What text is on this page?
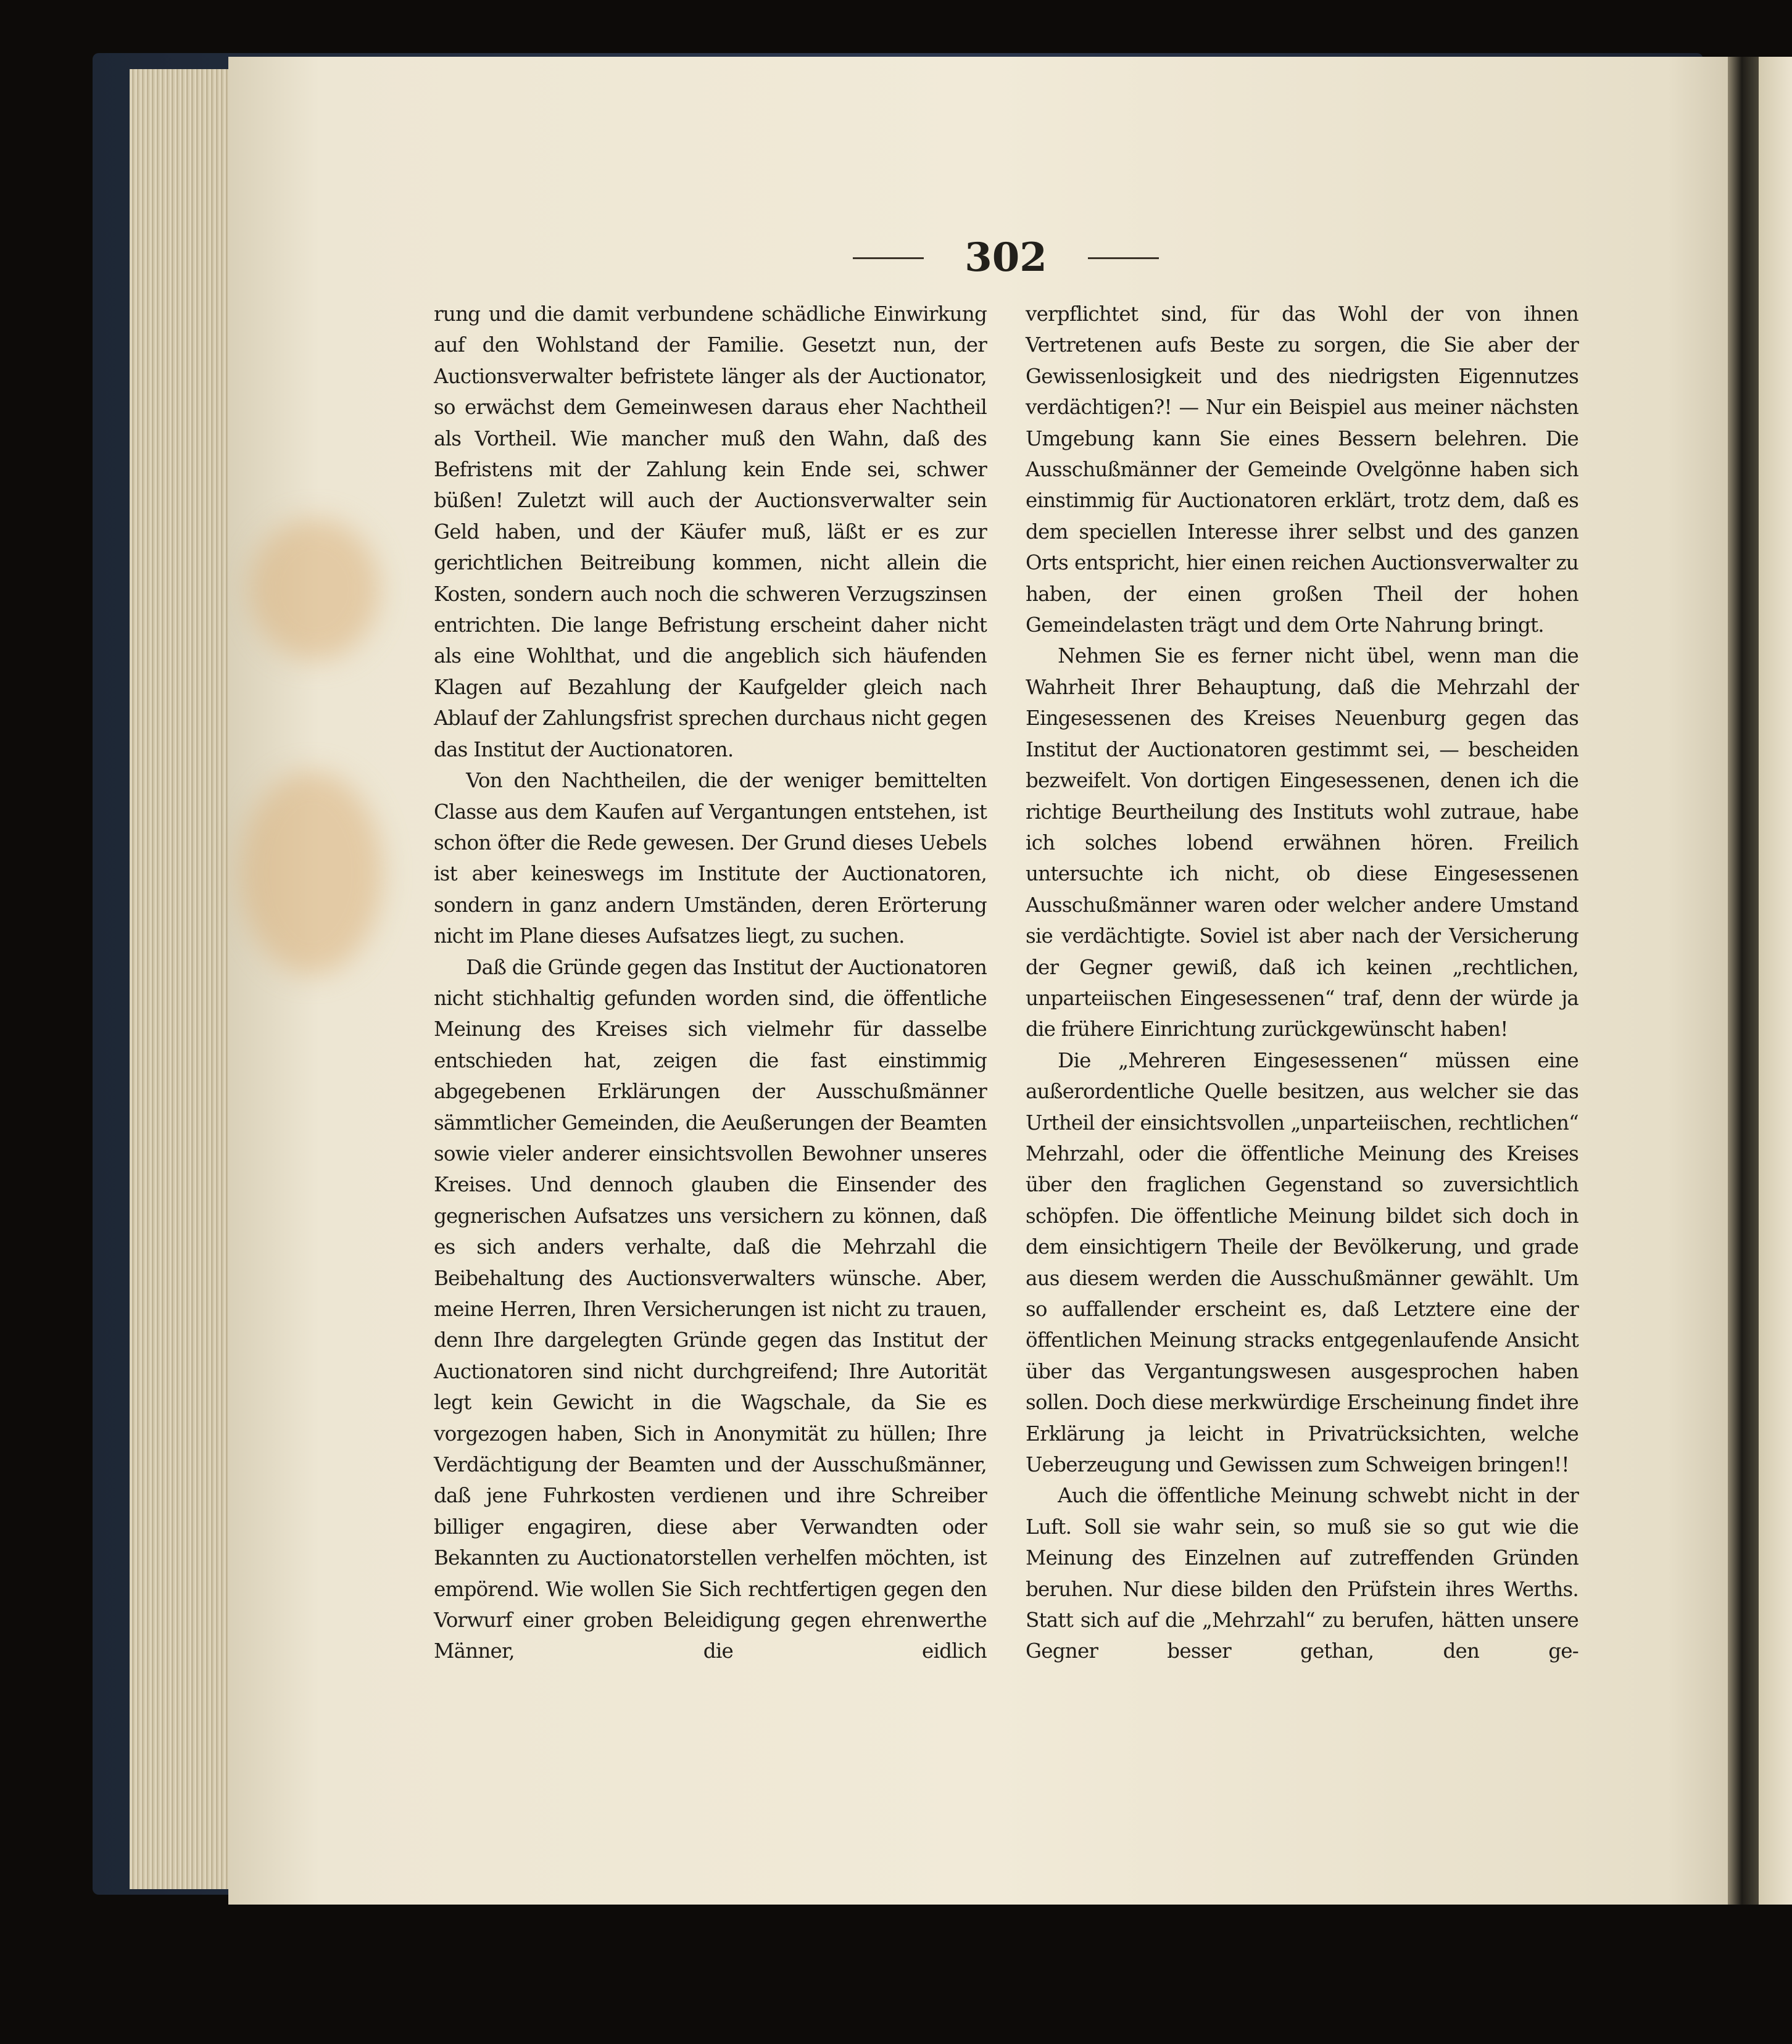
302

rung und die damit verbundene schädliche Einwirkung auf den Wohlstand der Familie. Gesetzt nun, der Auctionsverwalter befristete länger als der Auctionator, so erwächst dem Gemeinwesen daraus eher Nachtheil als Vortheil. Wie mancher muß den Wahn, daß des Befristens mit der Zahlung kein Ende sei, schwer büßen! Zuletzt will auch der Auctionsverwalter sein Geld haben, und der Käufer muß, läßt er es zur gerichtlichen Beitreibung kommen, nicht allein die Kosten, sondern auch noch die schweren Verzugszinsen entrichten. Die lange Befristung erscheint daher nicht als eine Wohlthat, und die angeblich sich häufenden Klagen auf Bezahlung der Kaufgelder gleich nach Ablauf der Zahlungsfrist sprechen durchaus nicht gegen das Institut der Auctionatoren.

Von den Nachtheilen, die der weniger bemittelten Classe aus dem Kaufen auf Vergantungen entstehen, ist schon öfter die Rede gewesen. Der Grund dieses Uebels ist aber keineswegs im Institute der Auctionatoren, sondern in ganz andern Umständen, deren Erörterung nicht im Plane dieses Aufsatzes liegt, zu suchen.

Daß die Gründe gegen das Institut der Auctionatoren nicht stichhaltig gefunden worden sind, die öffentliche Meinung des Kreises sich vielmehr für dasselbe entschieden hat, zeigen die fast einstimmig abgegebenen Erklärungen der Ausschußmänner sämmtlicher Gemeinden, die Aeußerungen der Beamten sowie vieler anderer einsichtsvollen Bewohner unseres Kreises. Und dennoch glauben die Einsender des gegnerischen Aufsatzes uns versichern zu können, daß es sich anders verhalte, daß die Mehrzahl die Beibehaltung des Auctionsverwalters wünsche. Aber, meine Herren, Ihren Versicherungen ist nicht zu trauen, denn Ihre dargelegten Gründe gegen das Institut der Auctionatoren sind nicht durchgreifend; Ihre Autorität legt kein Gewicht in die Wagschale, da Sie es vorgezogen haben, Sich in Anonymität zu hüllen; Ihre Verdächtigung der Beamten und der Ausschußmänner, daß jene Fuhrkosten verdienen und ihre Schreiber billiger engagiren, diese aber Verwandten oder Bekannten zu Auctionatorstellen verhelfen möchten, ist empörend. Wie wollen Sie Sich rechtfertigen gegen den Vorwurf einer groben Beleidigung gegen ehrenwerthe Männer, die eidlich

verpflichtet sind, für das Wohl der von ihnen Vertretenen aufs Beste zu sorgen, die Sie aber der Gewissenlosigkeit und des niedrigsten Eigennutzes verdächtigen?! — Nur ein Beispiel aus meiner nächsten Umgebung kann Sie eines Bessern belehren. Die Ausschußmänner der Gemeinde Ovelgönne haben sich einstimmig für Auctionatoren erklärt, trotz dem, daß es dem speciellen Interesse ihrer selbst und des ganzen Orts entspricht, hier einen reichen Auctionsverwalter zu haben, der einen großen Theil der hohen Gemeindelasten trägt und dem Orte Nahrung bringt.

Nehmen Sie es ferner nicht übel, wenn man die Wahrheit Ihrer Behauptung, daß die Mehrzahl der Eingesessenen des Kreises Neuenburg gegen das Institut der Auctionatoren gestimmt sei, — bescheiden bezweifelt. Von dortigen Eingesessenen, denen ich die richtige Beurtheilung des Instituts wohl zutraue, habe ich solches lobend erwähnen hören. Freilich untersuchte ich nicht, ob diese Eingesessenen Ausschußmänner waren oder welcher andere Umstand sie verdächtigte. Soviel ist aber nach der Versicherung der Gegner gewiß, daß ich keinen „rechtlichen, unparteiischen Eingesessenen“ traf, denn der würde ja die frühere Einrichtung zurückgewünscht haben!

Die „Mehreren Eingesessenen“ müssen eine außerordentliche Quelle besitzen, aus welcher sie das Urtheil der einsichtsvollen „unparteiischen, rechtlichen“ Mehrzahl, oder die öffentliche Meinung des Kreises über den fraglichen Gegenstand so zuversichtlich schöpfen. Die öffentliche Meinung bildet sich doch in dem einsichtigern Theile der Bevölkerung, und grade aus diesem werden die Ausschußmänner gewählt. Um so auffallender erscheint es, daß Letztere eine der öffentlichen Meinung stracks entgegenlaufende Ansicht über das Vergantungswesen ausgesprochen haben sollen. Doch diese merkwürdige Erscheinung findet ihre Erklärung ja leicht in Privatrücksichten, welche Ueberzeugung und Gewissen zum Schweigen bringen!!

Auch die öffentliche Meinung schwebt nicht in der Luft. Soll sie wahr sein, so muß sie so gut wie die Meinung des Einzelnen auf zutreffenden Gründen beruhen. Nur diese bilden den Prüfstein ihres Werths. Statt sich auf die „Mehrzahl“ zu berufen, hätten unsere Gegner besser gethan, den ge-
